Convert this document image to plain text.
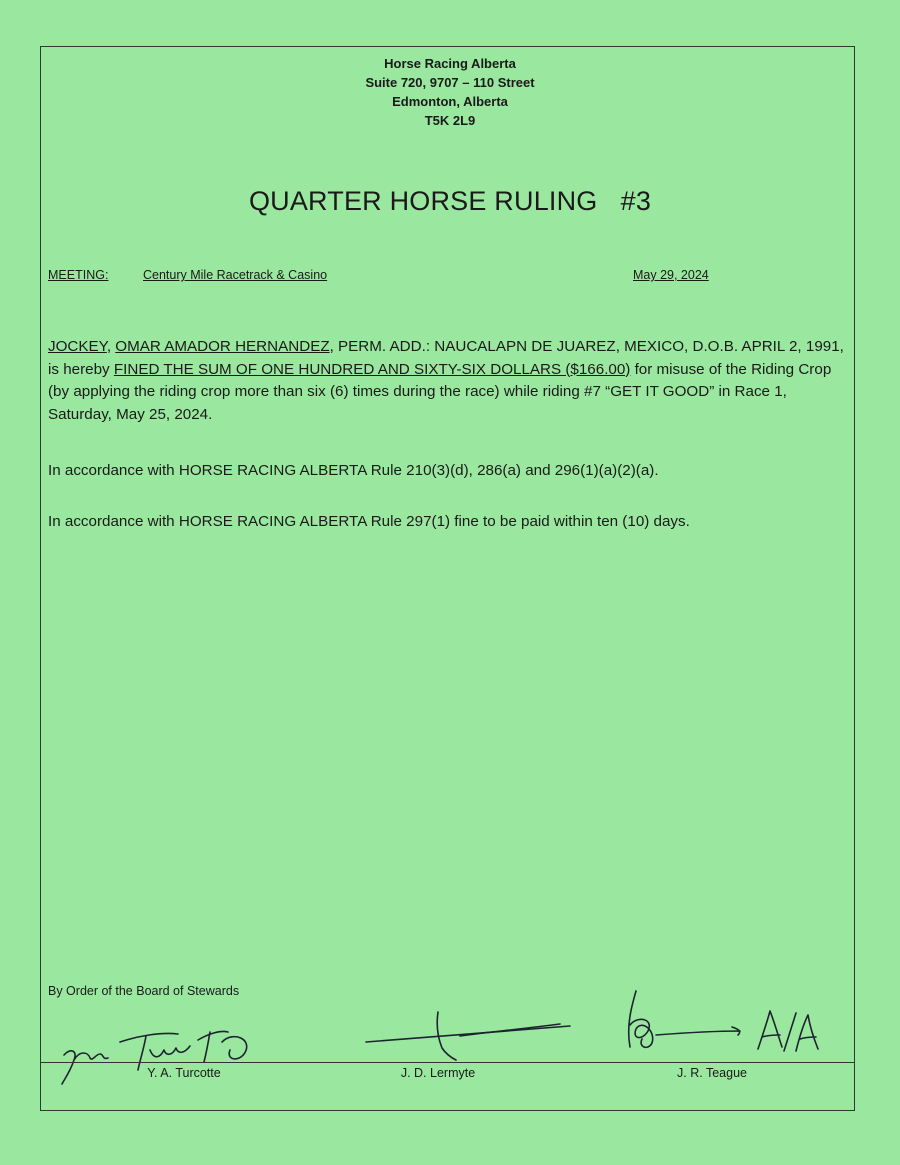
Horse Racing Alberta
Suite 720, 9707 – 110 Street
Edmonton, Alberta
T5K 2L9
QUARTER HORSE RULING   #3
MEETING:	Century Mile Racetrack & Casino	May 29, 2024

JOCKEY, OMAR AMADOR HERNANDEZ, PERM. ADD.: NAUCALAPN DE JUAREZ, MEXICO, D.O.B. APRIL 2, 1991, is hereby FINED THE SUM OF ONE HUNDRED AND SIXTY-SIX DOLLARS ($166.00) for misuse of the Riding Crop (by applying the riding crop more than six (6) times during the race) while riding #7 “GET IT GOOD” in Race 1, Saturday, May 25, 2024.

In accordance with HORSE RACING ALBERTA Rule 210(3)(d), 286(a) and 296(1)(a)(2)(a).
In accordance with HORSE RACING ALBERTA Rule 297(1) fine to be paid within ten (10) days.
By Order of the Board of Stewards
Y. A. Turcotte	J. D. Lermyte	J. R. Teague
